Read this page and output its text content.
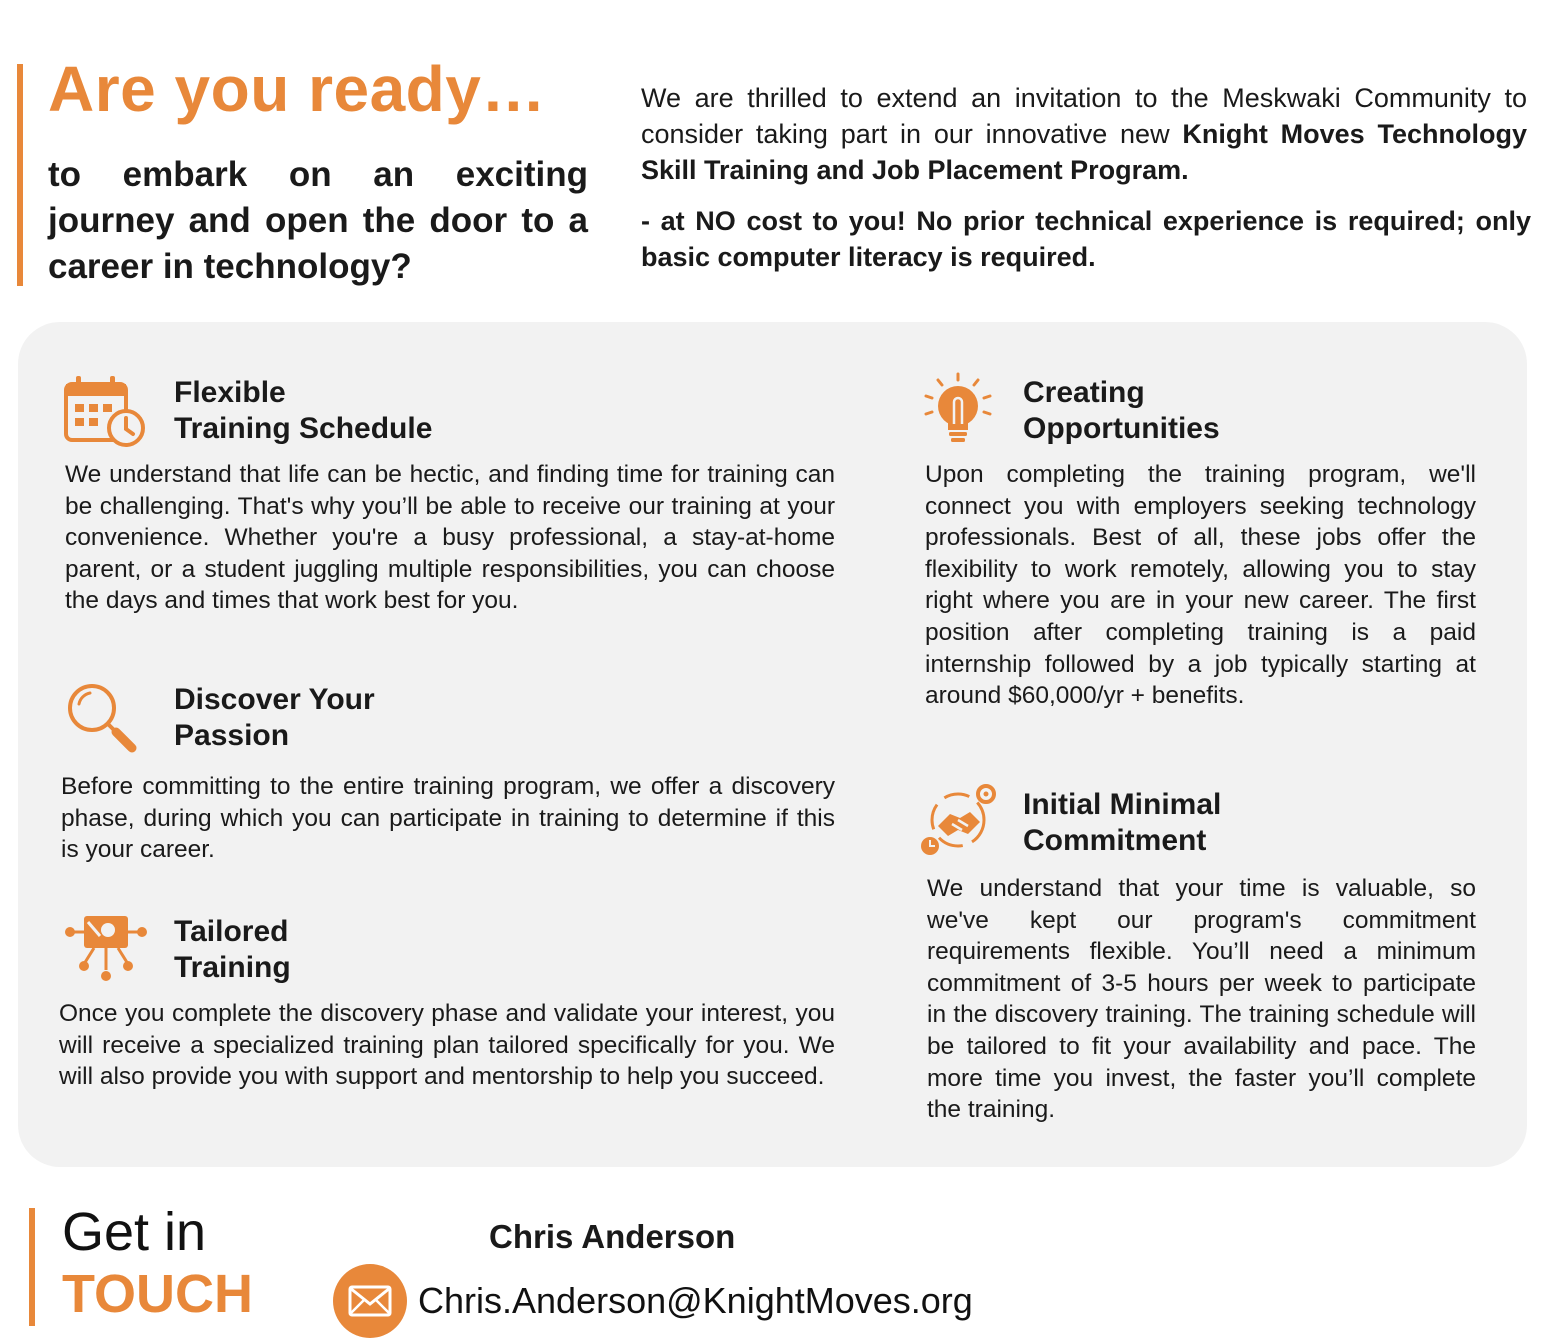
Are you ready…

to embark on an exciting journey and open the door to a career in technology?

We are thrilled to extend an invitation to the Meskwaki Community to consider taking part in our innovative new Knight Moves Technology Skill Training and Job Placement Program.

- at NO cost to you! No prior technical experience is required; only basic computer literacy is required.

Flexible
Training Schedule

We understand that life can be hectic, and finding time for training can be challenging. That's why you’ll be able to receive our training at your convenience. Whether you're a busy professional, a stay-at-home parent, or a student juggling multiple responsibilities, you can choose the days and times that work best for you.

Discover Your
Passion

Before committing to the entire training program, we offer a discovery phase, during which you can participate in training to determine if this is your career.

Tailored
Training

Once you complete the discovery phase and validate your interest, you will receive a specialized training plan tailored specifically for you. We will also provide you with support and mentorship to help you succeed.

Creating
Opportunities

Upon completing the training program, we'll connect you with employers seeking technology professionals. Best of all, these jobs offer the flexibility to work remotely, allowing you to stay right where you are in your new career. The first position after completing training is a paid internship followed by a job typically starting at around $60,000/yr + benefits.

Initial Minimal
Commitment

We understand that your time is valuable, so we've kept our program's commitment requirements flexible. You’ll need a minimum commitment of 3-5 hours per week to participate in the discovery training. The training schedule will be tailored to fit your availability and pace. The more time you invest, the faster you’ll complete the training.

Get in

TOUCH

Chris Anderson

Chris.Anderson@KnightMoves.org
